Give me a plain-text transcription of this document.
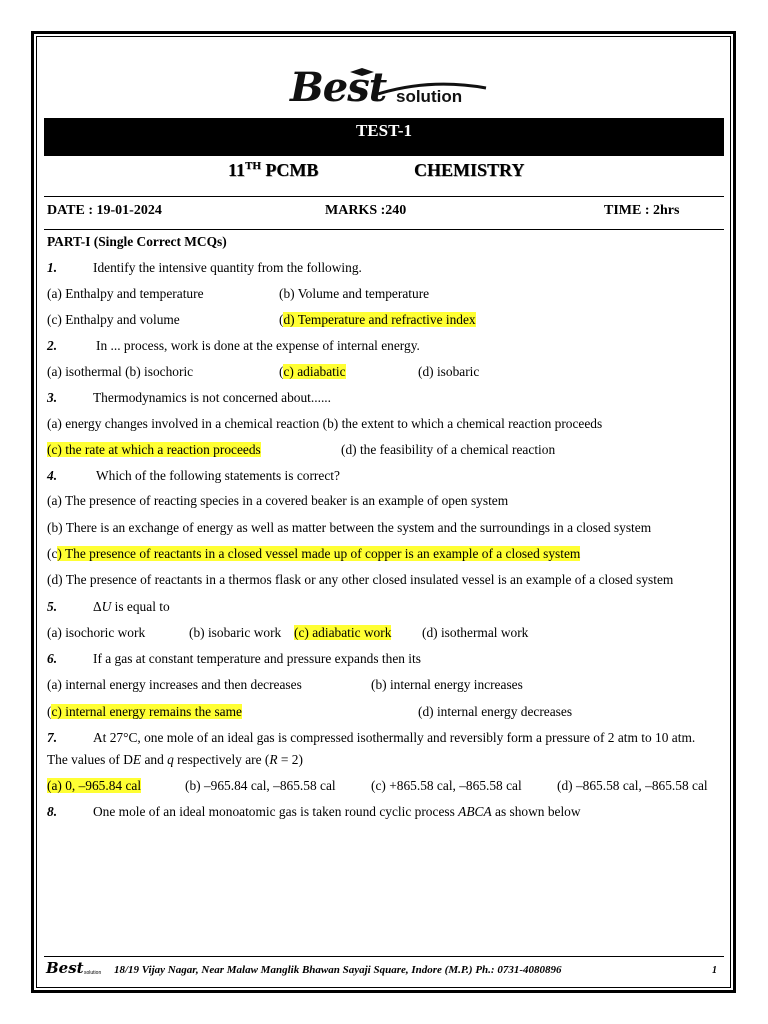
Best solution
TEST-1
11TH PCMB	CHEMISTRY
DATE : 19-01-2024	MARKS :240	TIME : 2hrs
PART-I (Single Correct MCQs)
1.	Identify the intensive quantity from the following.
(a) Enthalpy and temperature	(b) Volume and temperature
(c) Enthalpy and volume	(d) Temperature and refractive index
2.	In ... process, work is done at the expense of internal energy.
(a) isothermal (b) isochoric	(c) adiabatic	(d) isobaric
3.	Thermodynamics is not concerned about......
(a) energy changes involved in a chemical reaction (b) the extent to which a chemical reaction proceeds
(c) the rate at which a reaction proceeds	(d) the feasibility of a chemical reaction
4.	Which of the following statements is correct?
(a) The presence of reacting species in a covered beaker is an example of open system
(b) There is an exchange of energy as well as matter between the system and the surroundings in a closed system
(c) The presence of reactants in a closed vessel made up of copper is an example of a closed system
(d) The presence of reactants in a thermos flask or any other closed insulated vessel is an example of a closed system
5.	ΔU is equal to
(a) isochoric work	(b) isobaric work (c) adiabatic work (d) isothermal work
6.	If a gas at constant temperature and pressure expands then its
(a) internal energy increases and then decreases	(b) internal energy increases
(c) internal energy remains the same	(d) internal energy decreases
7.	At 27°C, one mole of an ideal gas is compressed isothermally and reversibly form a pressure of 2 atm to 10 atm.
The values of DE and q respectively are (R = 2)
(a) 0, –965.84 cal	(b) –965.84 cal, –865.58 cal	(c) +865.58 cal, –865.58 cal	(d) –865.58 cal, –865.58 cal
8.	One mole of an ideal monoatomic gas is taken round cyclic process ABCA as shown below
Best solution 18/19 Vijay Nagar, Near Malaw Manglik Bhawan Sayaji Square, Indore (M.P.) Ph.: 0731-4080896	1
